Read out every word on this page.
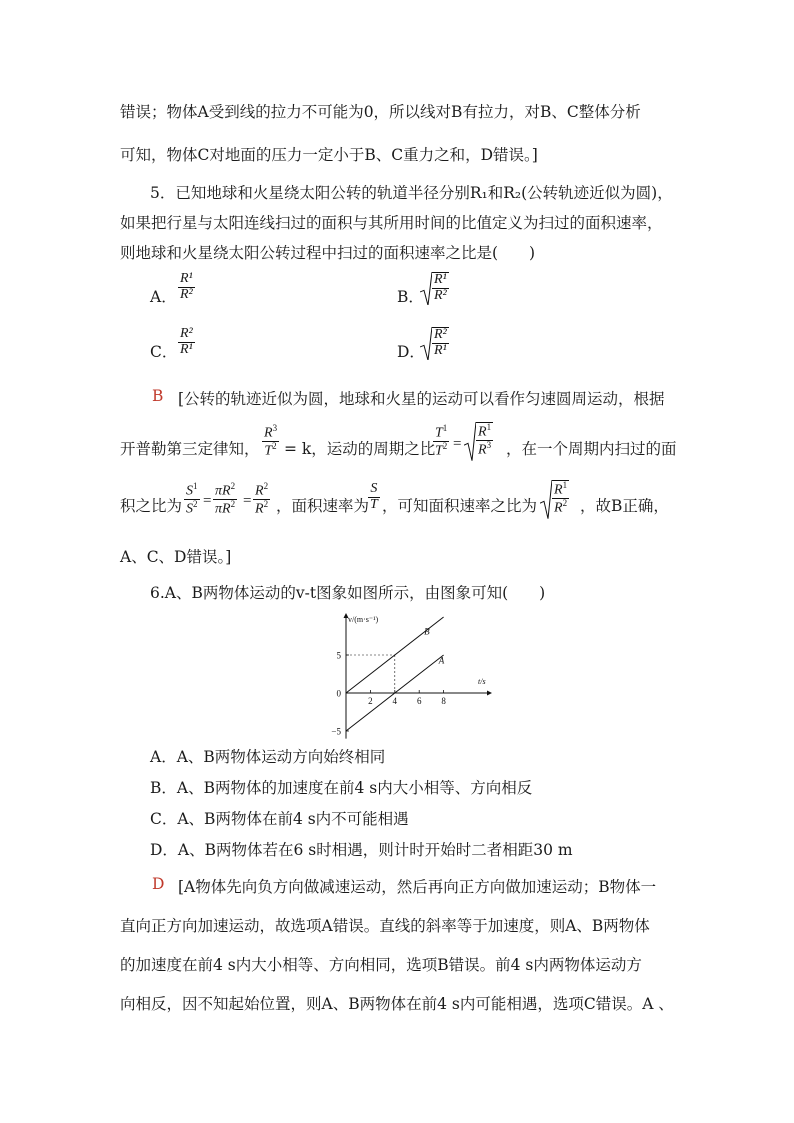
错误；物体A受到线的拉力不可能为0，所以线对B有拉力，对B、C整体分析
可知，物体C对地面的压力一定小于B、C重力之和，D错误。]
5．已知地球和火星绕太阳公转的轨道半径分别R₁和R₂(公转轨迹近似为圆)，
如果把行星与太阳连线扫过的面积与其所用时间的比值定义为扫过的面积速率，
则地球和火星绕太阳公转过程中扫过的面积速率之比是(　　)
A． $\frac{\text{R¹}}{\text{R²}}$	B． $\frac{\text{R¹}}{\text{R²}}$
C． $\frac{\text{R²}}{\text{R¹}}$	D． $\frac{\text{R²}}{\text{R¹}}$
B [公转的轨迹近似为圆，地球和火星的运动可以看作匀速圆周运动，根据
开普勒第三定律知， $\frac{R^3}{T^2} = k$，运动的周期之比
$\frac{T^1}{T^2} = \frac{R^1}{R^3}$ ，在一个周期内扫过的面
积之比为 $\frac{S^1}{S^2} = \frac{\pi R^2}{\pi R^2} = \frac{R^2}{R^2}$ ，面积速率为
$\frac{S}{T}$ ，可知面积速率之比为 $\frac{R^1}{R^2}$ ，故B正确，
A、C、D错误。]
6.A、B两物体运动的v-t图象如图所示，由图象可知(　　)
2 4 6 8
5
0
−5
B
A
v/(m·s⁻¹)
t/s
A．A、B两物体运动方向始终相同
B．A、B两物体的加速度在前4 s内大小相等、方向相反
C．A、B两物体在前4 s内不可能相遇
D．A、B两物体若在6 s时相遇，则计时开始时二者相距30 m
D [A物体先向负方向做减速运动，然后再向正方向做加速运动；B物体一
直向正方向加速运动，故选项A错误。直线的斜率等于加速度，则A、B两物体
的加速度在前4 s内大小相等、方向相同，选项B错误。前4 s内两物体运动方
向相反，因不知起始位置，则A、B两物体在前4 s内可能相遇，选项C错误。A 、
